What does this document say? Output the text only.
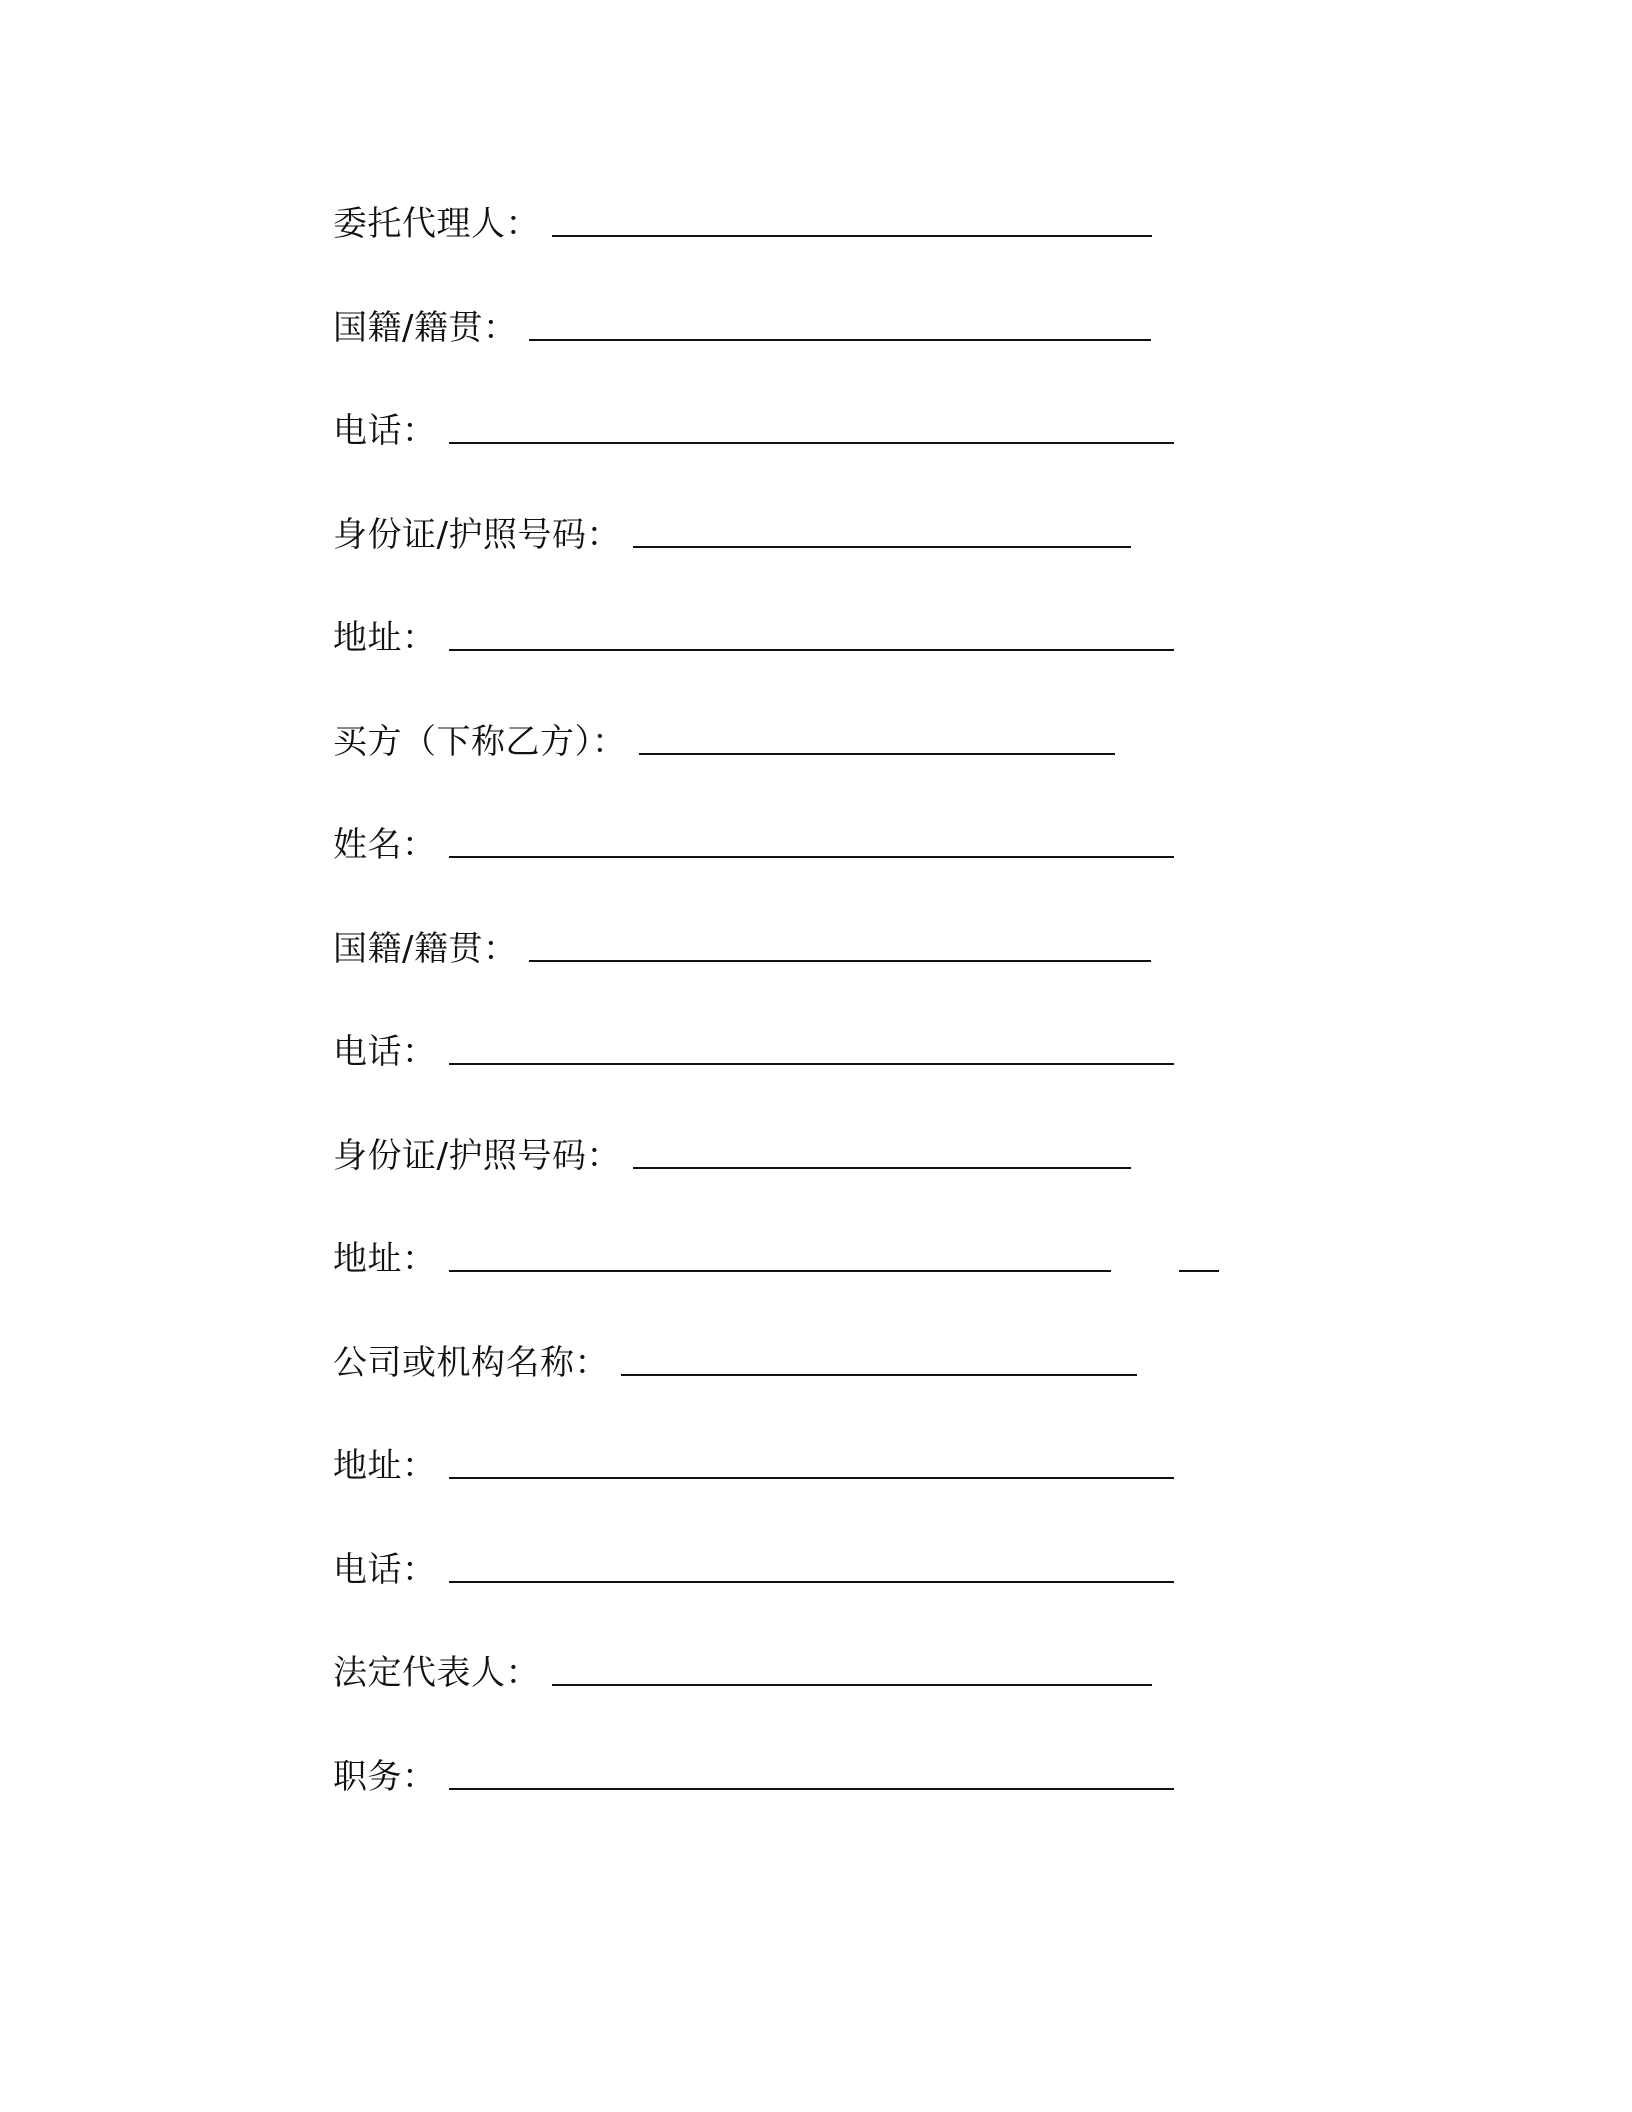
委托代理人：
国籍/籍贯：
电话：
身份证/护照号码：
地址：
买方（下称乙方）：
姓名：
国籍/籍贯：
电话：
身份证/护照号码：
地址：
公司或机构名称：
地址：
电话：
法定代表人：
职务：
